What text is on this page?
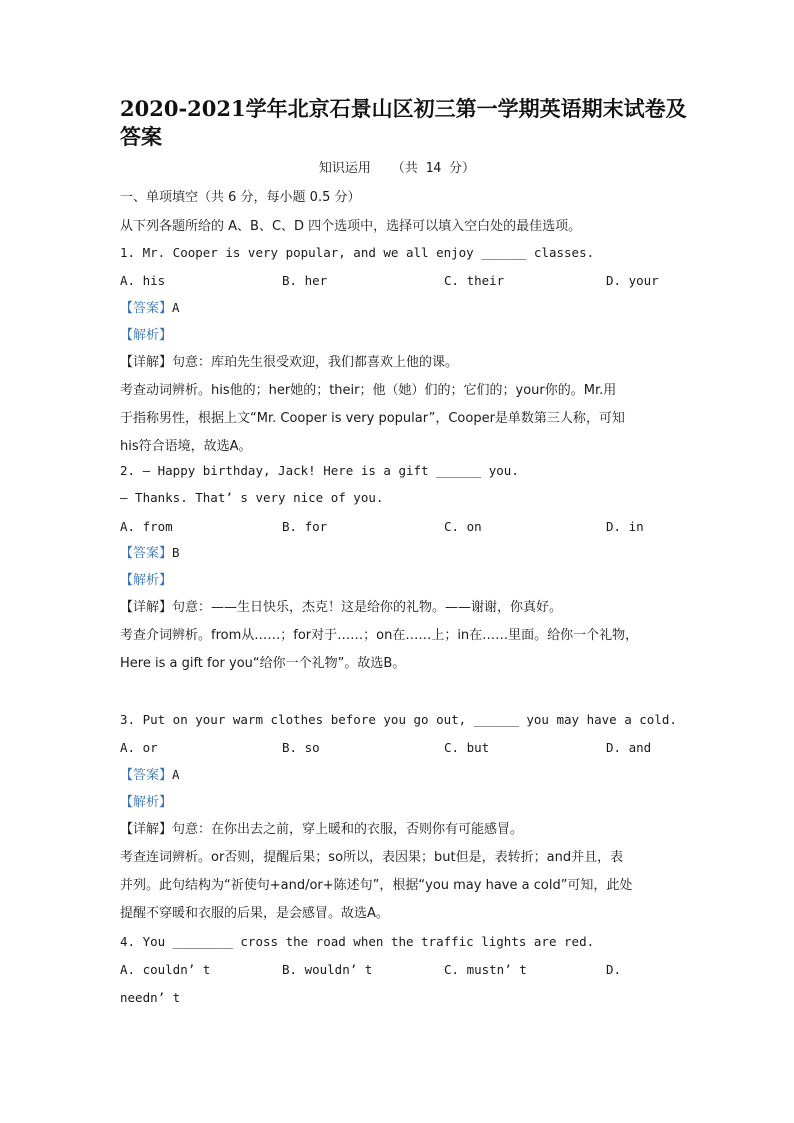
2020-2021学年北京石景山区初三第一学期英语期末试卷及
答案
知识运用　 （共 14 分）
一、单项填空（共 6 分，每小题 0.5 分）
从下列各题所给的 A、B、C、D 四个选项中，选择可以填入空白处的最佳选项。
1. Mr. Cooper is very popular, and we all enjoy ______ classes.
A. his	B. her	C. their	D. your
【答案】A
【解析】
【详解】句意：库珀先生很受欢迎，我们都喜欢上他的课。
考查动词辨析。his他的；her她的；their；他（她）们的；它们的；your你的。Mr.用
于指称男性，根据上文“Mr. Cooper is very popular”，Cooper是单数第三人称，可知
his符合语境，故选A。
2. — Happy birthday, Jack! Here is a gift ______ you.
— Thanks. That’ s very nice of you.
A. from	B. for	C. on	D. in
【答案】B
【解析】
【详解】句意：——生日快乐，杰克！这是给你的礼物。——谢谢，你真好。
考查介词辨析。from从……；for对于……；on在……上；in在……里面。给你一个礼物，
Here is a gift for you“给你一个礼物”。故选B。
3. Put on your warm clothes before you go out, ______ you may have a cold.
A. or	B. so	C. but	D. and
【答案】A
【解析】
【详解】句意：在你出去之前，穿上暖和的衣服，否则你有可能感冒。
考查连词辨析。or否则，提醒后果；so所以，表因果；but但是，表转折；and并且，表
并列。此句结构为“祈使句+and/or+陈述句”，根据“you may have a cold”可知，此处
提醒不穿暖和衣服的后果，是会感冒。故选A。
4. You ________ cross the road when the traffic lights are red.
A. couldn’ t	B. wouldn’ t	C. mustn’ t	D.
needn’ t
